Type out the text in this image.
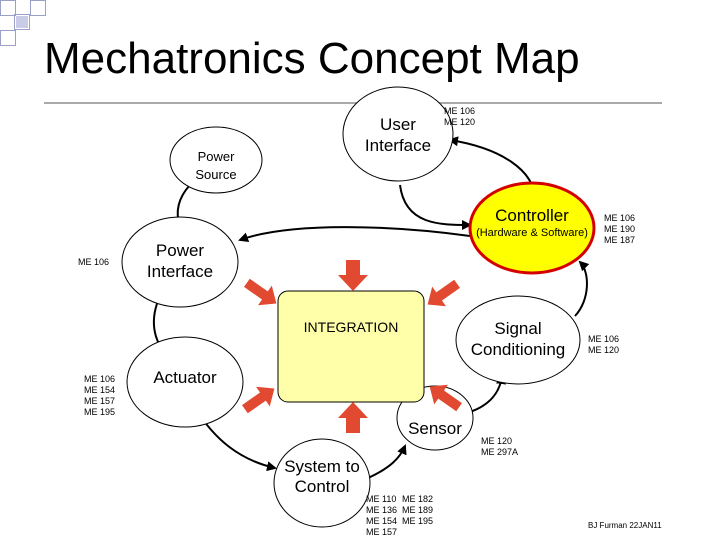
Mechatronics Concept Map
User
Interface
Power
Source
Controller
(Hardware & Software)
Power
Interface
INTEGRATION	Signal
Conditioning
Actuator
Sensor
System to
Control
ME 106
ME 120
ME 106
ME 190
ME 187
ME 106
ME 106
ME 120
ME 106
ME 154
ME 157
ME 195
ME 120
ME 297A
ME 110
ME 136
ME 154
ME 157
ME 182
ME 189
ME 195	BJ Furman 22JAN11
